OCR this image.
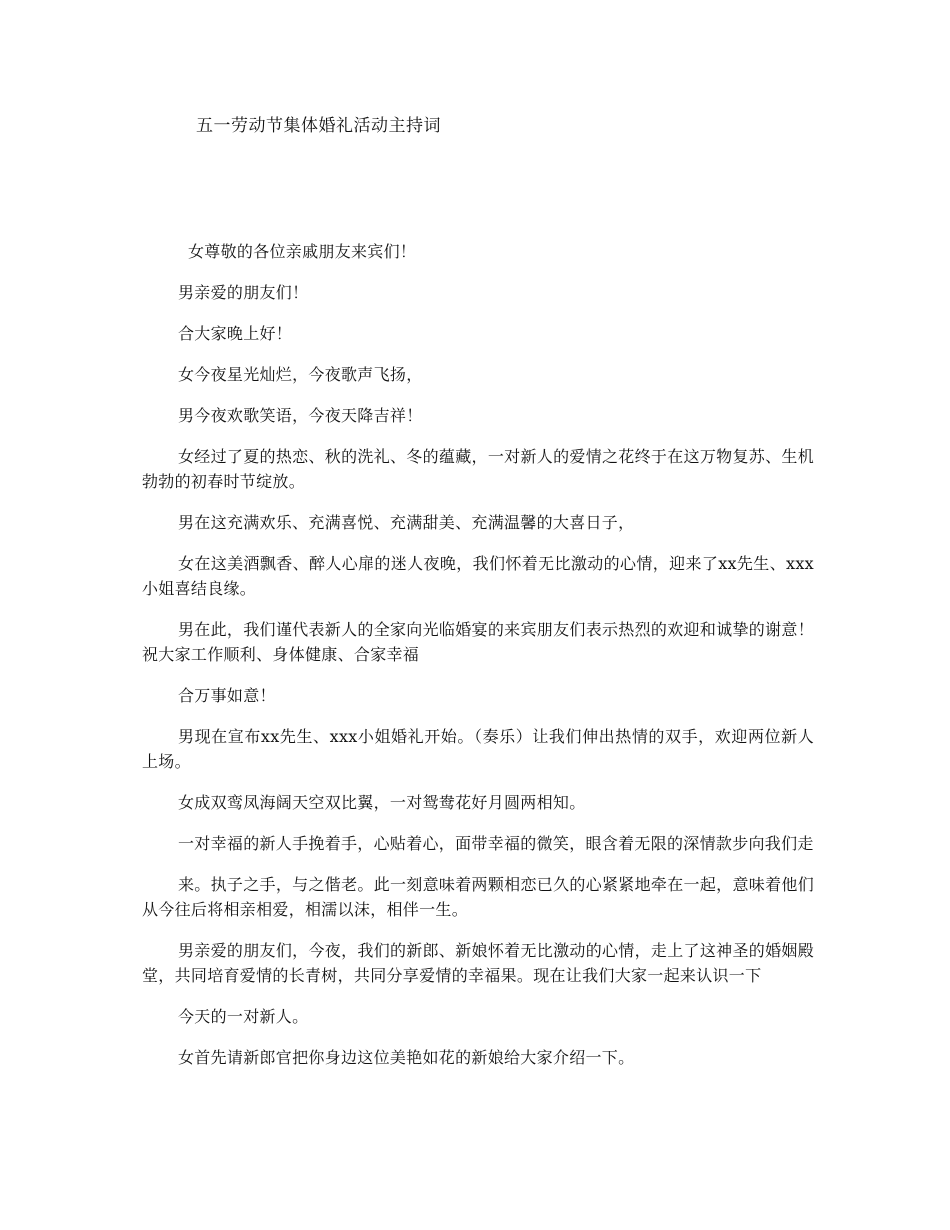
五一劳动节集体婚礼活动主持词

女尊敬的各位亲戚朋友来宾们！

男亲爱的朋友们！

合大家晚上好！

女今夜星光灿烂，今夜歌声飞扬，

男今夜欢歌笑语，今夜天降吉祥！

女经过了夏的热恋、秋的洗礼、冬的蕴藏，一对新人的爱情之花终于在这万物复苏、生机勃勃的初春时节绽放。

男在这充满欢乐、充满喜悦、充满甜美、充满温馨的大喜日子，

女在这美酒飘香、醉人心扉的迷人夜晚，我们怀着无比激动的心情，迎来了xx先生、xxx小姐喜结良缘。

男在此，我们谨代表新人的全家向光临婚宴的来宾朋友们表示热烈的欢迎和诚挚的谢意！祝大家工作顺利、身体健康、合家幸福

合万事如意！

男现在宣布xx先生、xxx小姐婚礼开始。（奏乐）让我们伸出热情的双手，欢迎两位新人上场。

女成双鸾凤海阔天空双比翼，一对鸳鸯花好月圆两相知。

一对幸福的新人手挽着手，心贴着心，面带幸福的微笑，眼含着无限的深情款步向我们走

来。执子之手，与之偕老。此一刻意味着两颗相恋已久的心紧紧地牵在一起，意味着他们从今往后将相亲相爱，相濡以沫，相伴一生。

男亲爱的朋友们，今夜，我们的新郎、新娘怀着无比激动的心情，走上了这神圣的婚姻殿堂，共同培育爱情的长青树，共同分享爱情的幸福果。现在让我们大家一起来认识一下

今天的一对新人。

女首先请新郎官把你身边这位美艳如花的新娘给大家介绍一下。
